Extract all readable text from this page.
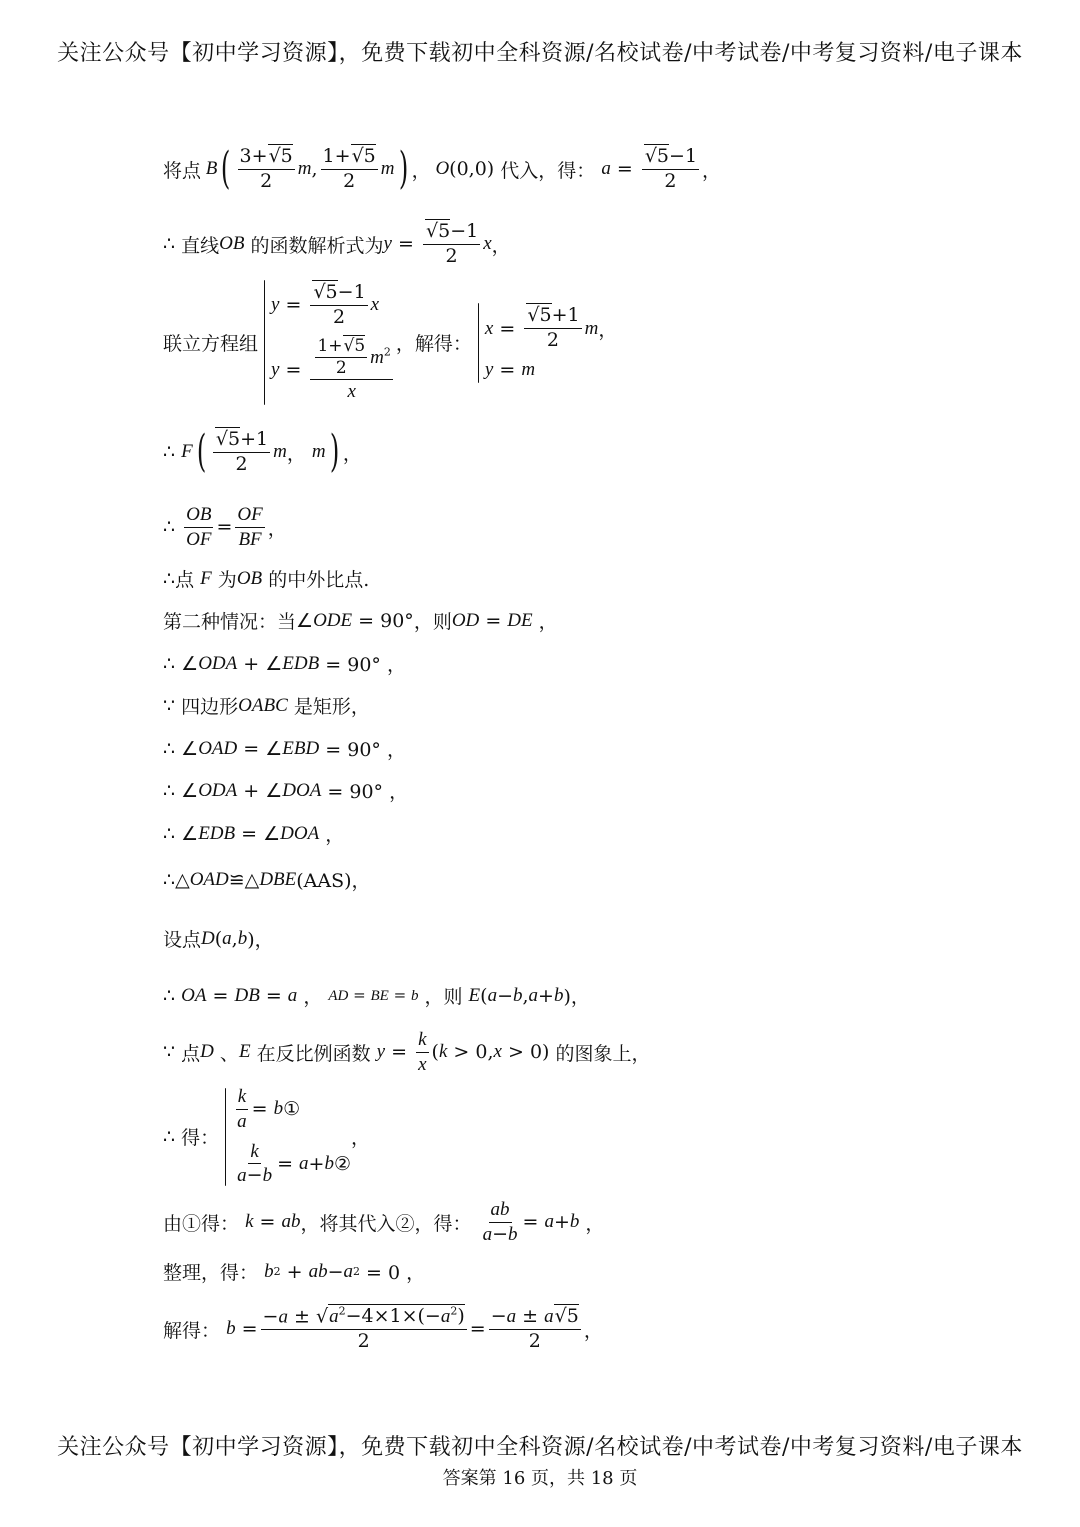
关注公众号【初中学习资源】，免费下载初中全科资源/名校试卷/中考试卷/中考复习资料/电子课本
将点 B ( $\frac{3+√5}{2}$ m , $\frac{1+√5}{2}$ m ) ， O (0,0) 代入，得：
$a = \frac{√5-1}{2}$ ，
∴
直线 OB
的函数解析式为 $y = \frac{√5-1}{2}$ x ，
联立方程组
$y = \frac{√5-1}{2}$ x
$y = \frac{\frac{1+√5}{2} m^2}{x}$ ，解得：
$x = \frac{√5+1}{2}$ m ，
y = m
∴
F ( $\frac{√5+1}{2}$ m ， m ) ，
∴
$\frac{OB}{OF} = \frac{OF}{BF}$ ，
∴ 点 F
为 OB
的中外比点.
第二种情况：当 ∠ ODE = 90° ，则 OD = DE ，
∴
∠ ODA + ∠ EDB = 90° ，
∵
四边形 OABC
是矩形，
∴
∠ OAD = ∠ EBD = 90° ，
∴
∠ ODA + ∠ DOA = 90° ，
∴
∠ EDB = ∠ DOA ，
∴△ OAD ≌△ DBE (AAS)，
设点 D ( a , b )，
∴
OA = DB = a ， AD = BE = b
，则
E ( a − b , a + b )，
∵
点 D 、 E
在反比例函数
$y = \frac{k}{x}$ ( k > 0, x > 0) 的图象上，
∴
得：
$\frac{k}{a} = b$ ①
$\frac{k}{a-b} = a + b$ ②
，
由①得：
k = ab ，将其代入②，得：
$\frac{ab}{a-b} = a + b$ ，
整理，得：
b 2 + ab − a 2 = 0 ，
解得：
$b = \frac{-a \pm √a^2-4\times 1\times(-a^2)}{2} = \frac{-a \pm a√5}{2}$ ，
关注公众号【初中学习资源】，免费下载初中全科资源/名校试卷/中考试卷/中考复习资料/电子课本
答案第 16 页，共 18 页
